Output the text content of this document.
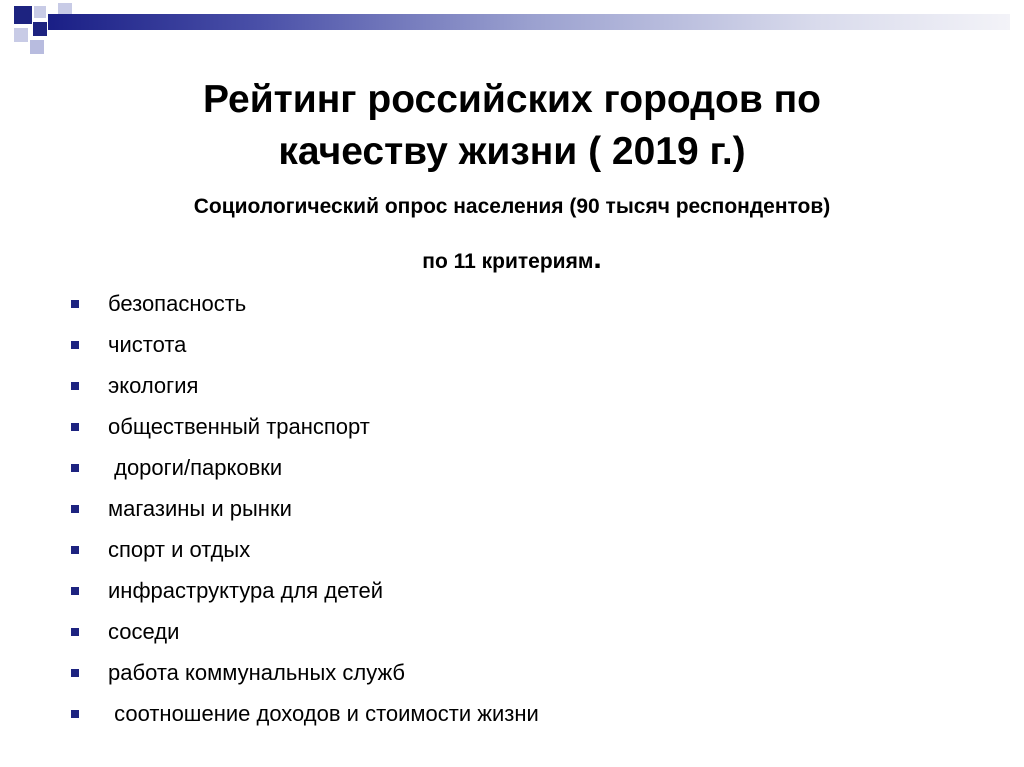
Рейтинг российских городов по
качеству жизни ( 2019 г.)
Социологический опрос населения (90 тысяч респондентов)
по 11 критериям.
безопасность
чистота
экология
общественный транспорт
дороги/парковки
магазины и рынки
спорт и отдых
инфраструктура для детей
соседи
работа коммунальных служб
соотношение доходов и стоимости жизни
